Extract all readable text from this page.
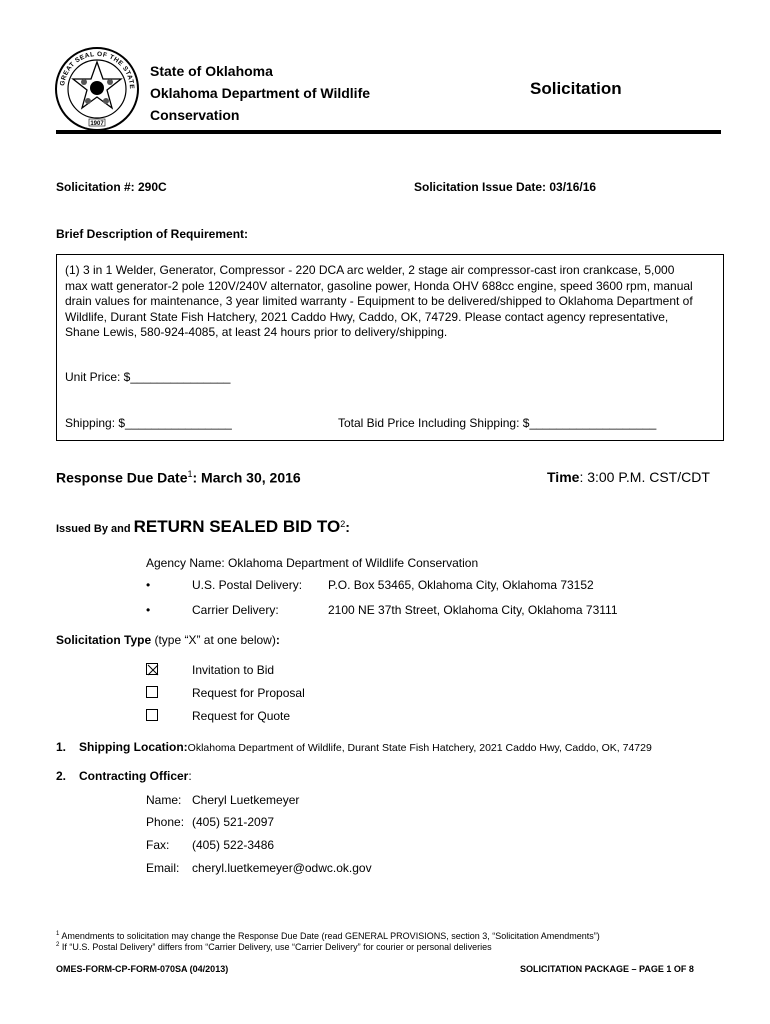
1907
GREAT SEAL OF THE STATE
State of Oklahoma
Oklahoma Department of Wildlife
Conservation
Solicitation
Solicitation #: 290C	Solicitation Issue Date: 03/16/16
Brief Description of Requirement:
(1) 3 in 1 Welder, Generator, Compressor - 220 DCA arc welder, 2 stage air compressor-cast iron crankcase, 5,000
max watt generator-2 pole 120V/240V alternator, gasoline power, Honda OHV 688cc engine, speed 3600 rpm, manual
drain values for maintenance, 3 year limited warranty - Equipment to be delivered/shipped to Oklahoma Department of
Wildlife, Durant State Fish Hatchery, 2021 Caddo Hwy, Caddo, OK, 74729. Please contact agency representative,
Shane Lewis, 580-924-4085, at least 24 hours prior to delivery/shipping.
Unit Price: $_______________
Shipping: $________________	Total Bid Price Including Shipping: $___________________
Response Due Date$^1$: March 30, 2016	Time: 3:00 P.M. CST/CDT
Issued By and RETURN SEALED BID $TO^2$:
Agency Name: Oklahoma Department of Wildlife Conservation
•	U.S. Postal Delivery: P.O. Box 53465, Oklahoma City, Oklahoma 73152
•	Carrier Delivery:	2100 NE 37th Street, Oklahoma City, Oklahoma 73111
Solicitation Type (type “X” at one below):
Invitation to Bid
Request for Proposal
Request for Quote
1. Shipping Location:Oklahoma Department of Wildlife, Durant State Fish Hatchery, 2021 Caddo Hwy, Caddo, OK, 74729
2. Contracting Officer:
Name: Cheryl Luetkemeyer
Phone: (405) 521-2097
Fax: (405) 522-3486
Email: cheryl.luetkemeyer@odwc.ok.gov
$^1$ Amendments to solicitation may change the Response Due Date (read GENERAL PROVISIONS, section 3, “Solicitation Amendments”)
$^2$ If “U.S. Postal Delivery” differs from “Carrier Delivery, use “Carrier Delivery” for courier or personal deliveries
OMES-FORM-CP-FORM-070SA (04/2013)	SOLICITATION PACKAGE – PAGE 1 OF 8
